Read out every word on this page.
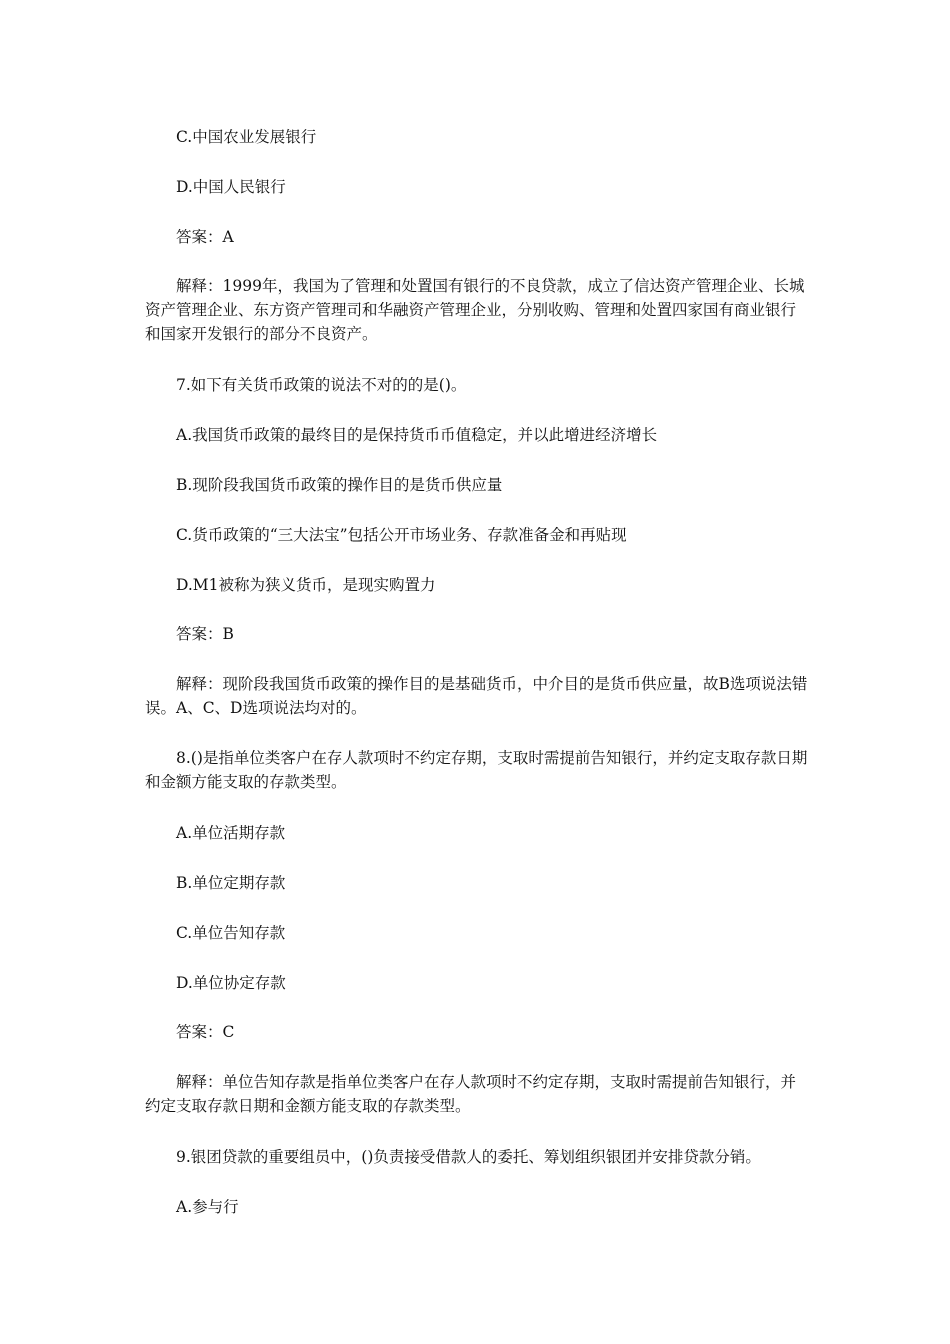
C.中国农业发展银行

D.中国人民银行

答案：A

解释：1999年，我国为了管理和处置国有银行的不良贷款，成立了信达资产管理企业、长城资产管理企业、东方资产管理司和华融资产管理企业，分别收购、管理和处置四家国有商业银行和国家开发银行的部分不良资产。

7.如下有关货币政策的说法不对的的是()。

A.我国货币政策的最终目的是保持货币币值稳定，并以此增进经济增长

B.现阶段我国货币政策的操作目的是货币供应量

C.货币政策的“三大法宝”包括公开市场业务、存款准备金和再贴现

D.M1被称为狭义货币，是现实购置力

答案：B

解释：现阶段我国货币政策的操作目的是基础货币，中介目的是货币供应量，故B选项说法错误。A、C、D选项说法均对的。

8.()是指单位类客户在存人款项时不约定存期，支取时需提前告知银行，并约定支取存款日期和金额方能支取的存款类型。

A.单位活期存款

B.单位定期存款

C.单位告知存款

D.单位协定存款

答案：C

解释：单位告知存款是指单位类客户在存人款项时不约定存期，支取时需提前告知银行，并约定支取存款日期和金额方能支取的存款类型。

9.银团贷款的重要组员中，()负责接受借款人的委托、筹划组织银团并安排贷款分销。

A.参与行
